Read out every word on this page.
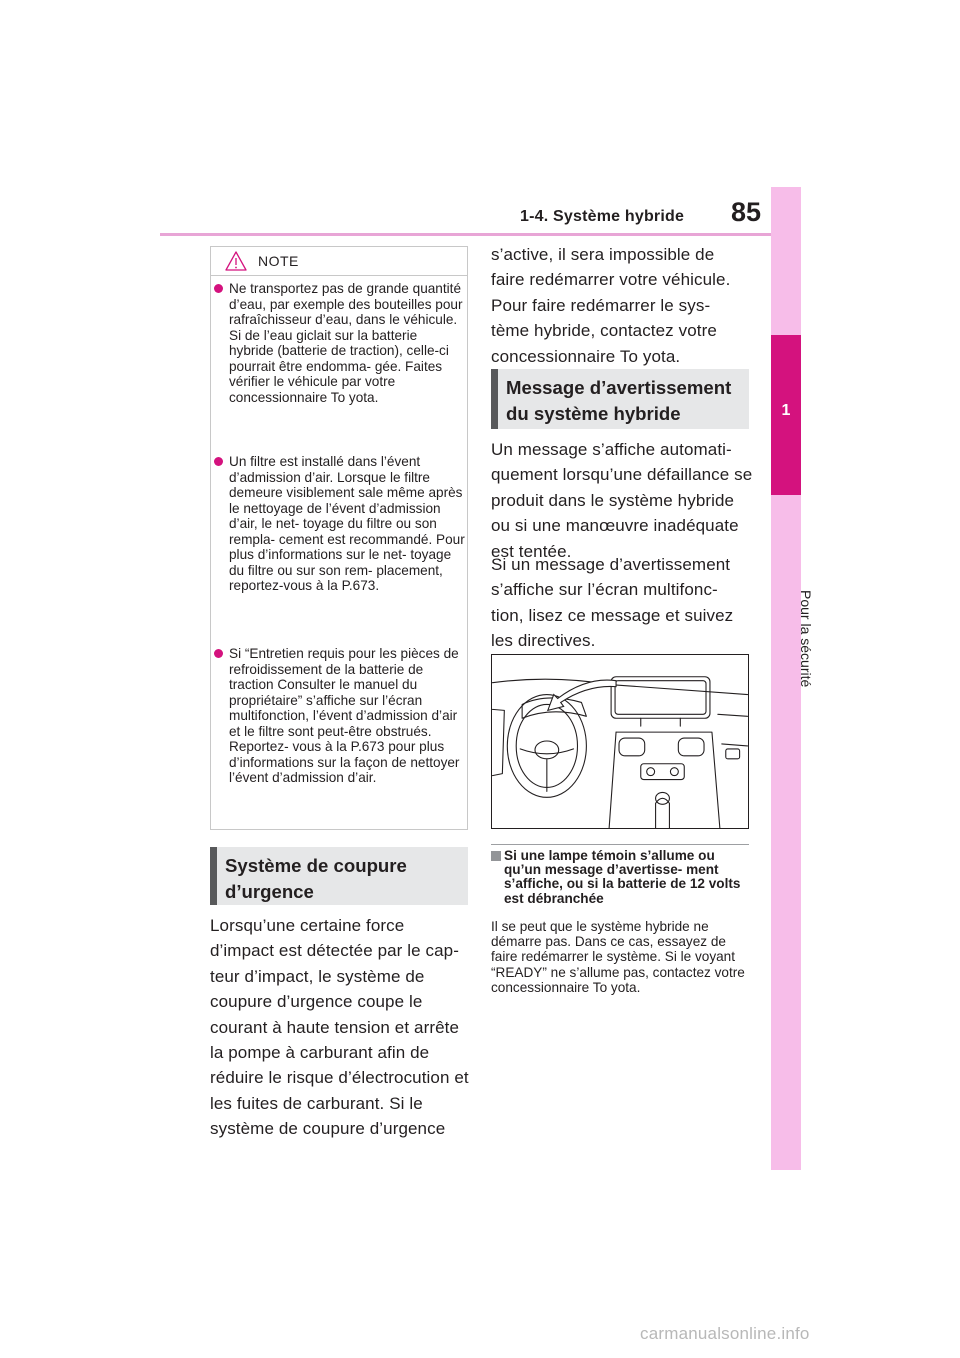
1-4. Système hybride 85
1
Pour la sécurité
NOTE
Ne transportez pas de grande quantité d’eau, par exemple des bouteilles pour rafraîchisseur d’eau, dans le véhicule. Si de l’eau giclait sur la batterie hybride (batterie de traction), celle-ci pourrait être endomma- gée. Faites vérifier le véhicule par votre concessionnaire To yota.
Un filtre est installé dans l’évent d’admission d’air. Lorsque le filtre demeure visiblement sale même après le nettoyage de l’évent d’admission d’air, le net- toyage du filtre ou son rempla- cement est recommandé. Pour plus d’informations sur le net- toyage du filtre ou sur son rem- placement, reportez-vous à la P.673.
Si “Entretien requis pour les pièces de refroidissement de la batterie de traction Consulter le manuel du propriétaire” s’affiche sur l’écran multifonction, l’évent d’admission d’air et le filtre sont peut-être obstrués. Reportez- vous à la P.673 pour plus d’informations sur la façon de nettoyer l’évent d’admission d’air.
Système de coupure
d’urgence
Lorsqu’une certaine force d’impact est détectée par le cap- teur d’impact, le système de coupure d’urgence coupe le courant à haute tension et arrête la pompe à carburant afin de réduire le risque d’électrocution et les fuites de carburant. Si le système de coupure d’urgence
s’active, il sera impossible de faire redémarrer votre véhicule. Pour faire redémarrer le sys- tème hybride, contactez votre concessionnaire To yota.
Message d’avertissement
du système hybride
Un message s’affiche automati- quement lorsqu’une défaillance se produit dans le système hybride ou si une manœuvre inadéquate est tentée.
Si un message d’avertissement s’affiche sur l’écran multifonc- tion, lisez ce message et suivez les directives.
Si une lampe témoin s’allume ou qu’un message d’avertisse- ment s’affiche, ou si la batterie de 12 volts est débranchée
Il se peut que le système hybride ne démarre pas. Dans ce cas, essayez de faire redémarrer le système. Si le voyant “READY” ne s’allume pas, contactez votre concessionnaire To yota.
carmanualsonline.info
